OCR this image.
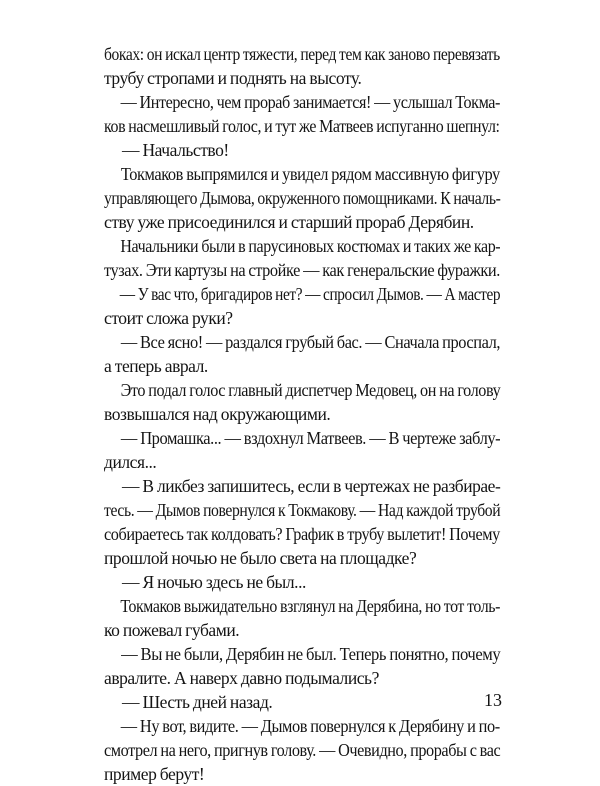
боках: он искал центр тяжести, перед тем как заново перевязать
трубу стропами и поднять на высоту.
— Интересно, чем прораб занимается! — услышал Токма-
ков насмешливый голос, и тут же Матвеев испуганно шепнул:
— Начальство!
Токмаков выпрямился и увидел рядом массивную фигуру
управляющего Дымова, окруженного помощниками. К началь-
ству уже присоединился и старший прораб Дерябин.
Начальники были в парусиновых костюмах и таких же кар-
тузах. Эти картузы на стройке — как генеральские фуражки.
— У вас что, бригадиров нет? — спросил Дымов. — А мастер
стоит сложа руки?
— Все ясно! — раздался грубый бас. — Сначала проспал,
а теперь аврал.
Это подал голос главный диспетчер Медовец, он на голову
возвышался над окружающими.
— Промашка... — вздохнул Матвеев. — В чертеже заблу-
дился...
— В ликбез запишитесь, если в чертежах не разбирае-
тесь. — Дымов повернулся к Токмакову. — Над каждой трубой
собираетесь так колдовать? График в трубу вылетит! Почему
прошлой ночью не было света на площадке?
— Я ночью здесь не был...
Токмаков выжидательно взглянул на Дерябина, но тот толь-
ко пожевал губами.
— Вы не были, Дерябин не был. Теперь понятно, почему
авралите. А наверх давно подымались?
— Шесть дней назад.
— Ну вот, видите. — Дымов повернулся к Дерябину и по-
смотрел на него, пригнув голову. — Очевидно, прорабы с вас
пример берут!
13
